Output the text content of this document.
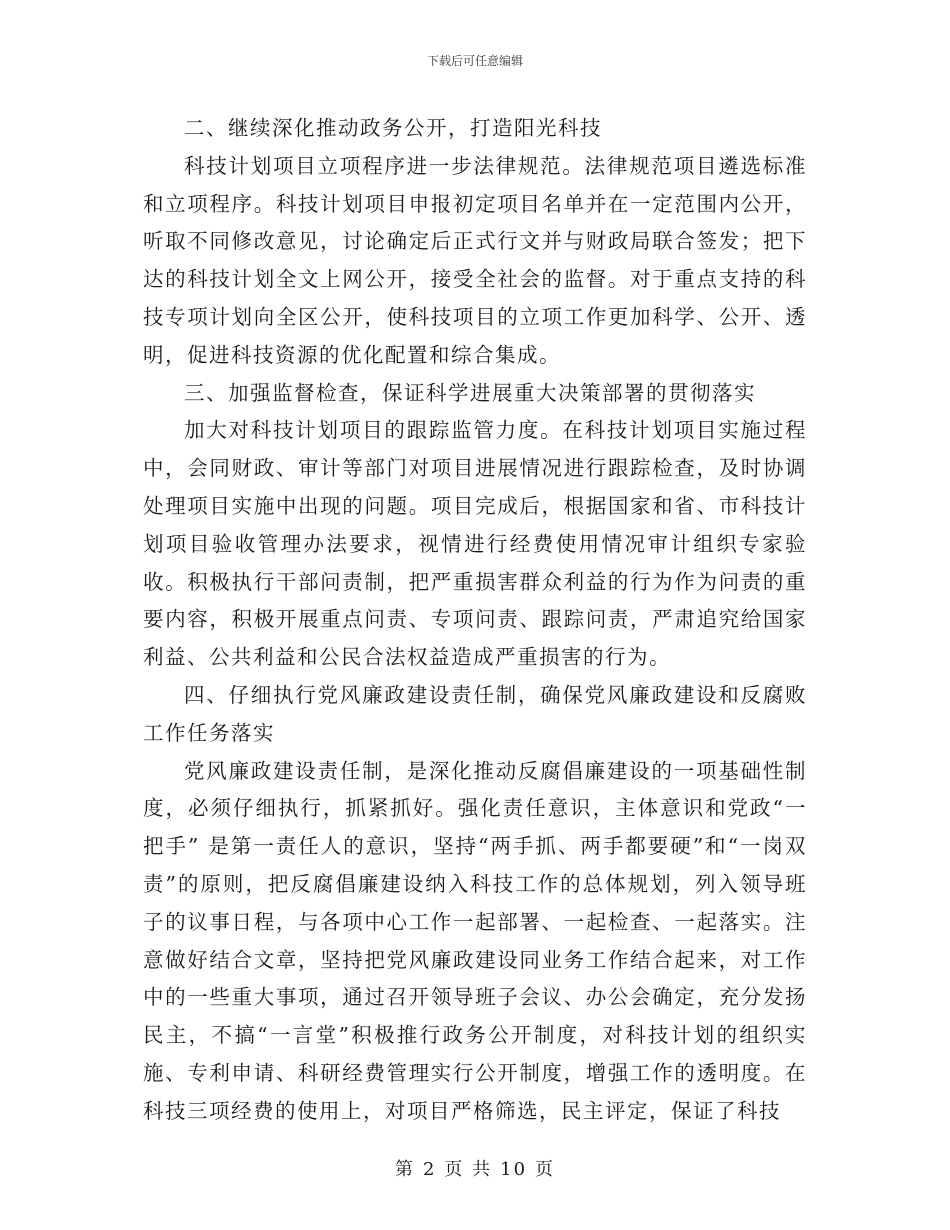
下载后可任意编辑

二、继续深化推动政务公开，打造阳光科技

科技计划项目立项程序进一步法律规范。法律规范项目遴选标准和立项程序。科技计划项目申报初定项目名单并在一定范围内公开，听取不同修改意见，讨论确定后正式行文并与财政局联合签发；把下达的科技计划全文上网公开，接受全社会的监督。对于重点支持的科技专项计划向全区公开，使科技项目的立项工作更加科学、公开、透明，促进科技资源的优化配置和综合集成。

三、加强监督检查，保证科学进展重大决策部署的贯彻落实

加大对科技计划项目的跟踪监管力度。在科技计划项目实施过程中，会同财政、审计等部门对项目进展情况进行跟踪检查，及时协调处理项目实施中出现的问题。项目完成后，根据国家和省、市科技计划项目验收管理办法要求，视情进行经费使用情况审计组织专家验收。积极执行干部问责制，把严重损害群众利益的行为作为问责的重要内容，积极开展重点问责、专项问责、跟踪问责，严肃追究给国家利益、公共利益和公民合法权益造成严重损害的行为。

四、仔细执行党风廉政建设责任制，确保党风廉政建设和反腐败工作任务落实

党风廉政建设责任制，是深化推动反腐倡廉建设的一项基础性制度，必须仔细执行，抓紧抓好。强化责任意识，主体意识和党政“一把手” 是第一责任人的意识，坚持“两手抓、两手都要硬”和“一岗双责”的原则，把反腐倡廉建设纳入科技工作的总体规划，列入领导班子的议事日程，与各项中心工作一起部署、一起检查、一起落实。注意做好结合文章，坚持把党风廉政建设同业务工作结合起来，对工作中的一些重大事项，通过召开领导班子会议、办公会确定，充分发扬民主，不搞“一言堂”积极推行政务公开制度，对科技计划的组织实施、专利申请、科研经费管理实行公开制度，增强工作的透明度。在科技三项经费的使用上，对项目严格筛选，民主评定，保证了科技

第 2 页 共 10 页
